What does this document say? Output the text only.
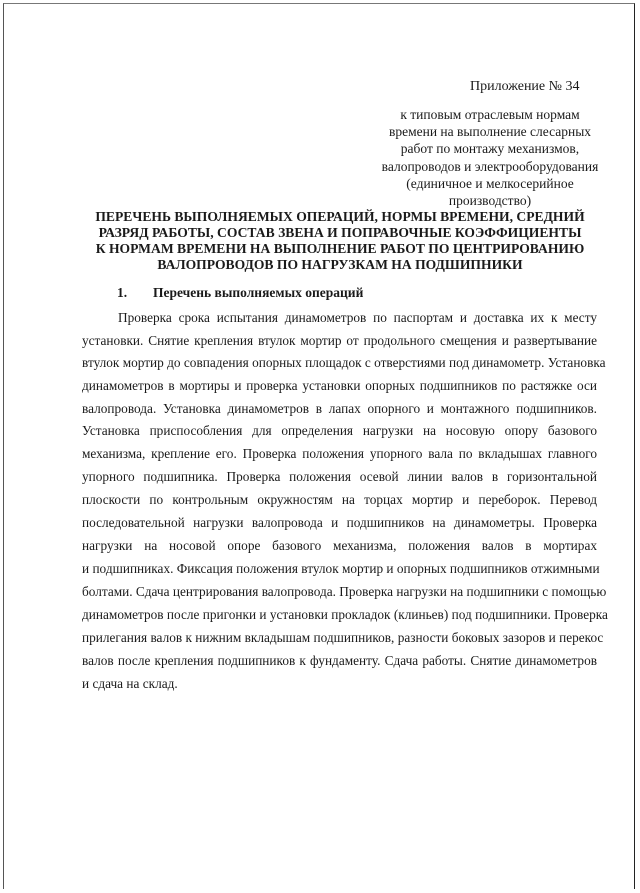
Приложение № 34
к типовым отраслевым нормам
времени на выполнение слесарных
работ по монтажу механизмов,
валопроводов и электрооборудования
(единичное и мелкосерийное
производство)
ПЕРЕЧЕНЬ ВЫПОЛНЯЕМЫХ ОПЕРАЦИЙ, НОРМЫ ВРЕМЕНИ, СРЕДНИЙ
РАЗРЯД РАБОТЫ, СОСТАВ ЗВЕНА И ПОПРАВОЧНЫЕ КОЭФФИЦИЕНТЫ
К НОРМАМ ВРЕМЕНИ НА ВЫПОЛНЕНИЕ РАБОТ ПО ЦЕНТРИРОВАНИЮ
ВАЛОПРОВОДОВ ПО НАГРУЗКАМ НА ПОДШИПНИКИ
1. Перечень выполняемых операций
Проверка срока испытания динамометров по паспортам и доставка их к месту
установки. Снятие крепления втулок мортир от продольного смещения и развертывание
втулок мортир до совпадения опорных площадок с отверстиями под динамометр. Установка
динамометров в мортиры и проверка установки опорных подшипников по растяжке оси
валопровода. Установка динамометров в лапах опорного и монтажного подшипников.
Установка приспособления для определения нагрузки на носовую опору базового
механизма, крепление его. Проверка положения упорного вала по вкладышах главного
упорного подшипника. Проверка положения осевой линии валов в горизонтальной
плоскости по контрольным окружностям на торцах мортир и переборок. Перевод
последовательной нагрузки валопровода и подшипников на динамометры. Проверка
нагрузки на носовой опоре базового механизма, положения валов в мортирах
и подшипниках. Фиксация положения втулок мортир и опорных подшипников отжимными
болтами. Сдача центрирования валопровода. Проверка нагрузки на подшипники с помощью
динамометров после пригонки и установки прокладок (клиньев) под подшипники. Проверка
прилегания валов к нижним вкладышам подшипников, разности боковых зазоров и перекос
валов после крепления подшипников к фундаменту. Сдача работы. Снятие динамометров
и сдача на склад.
